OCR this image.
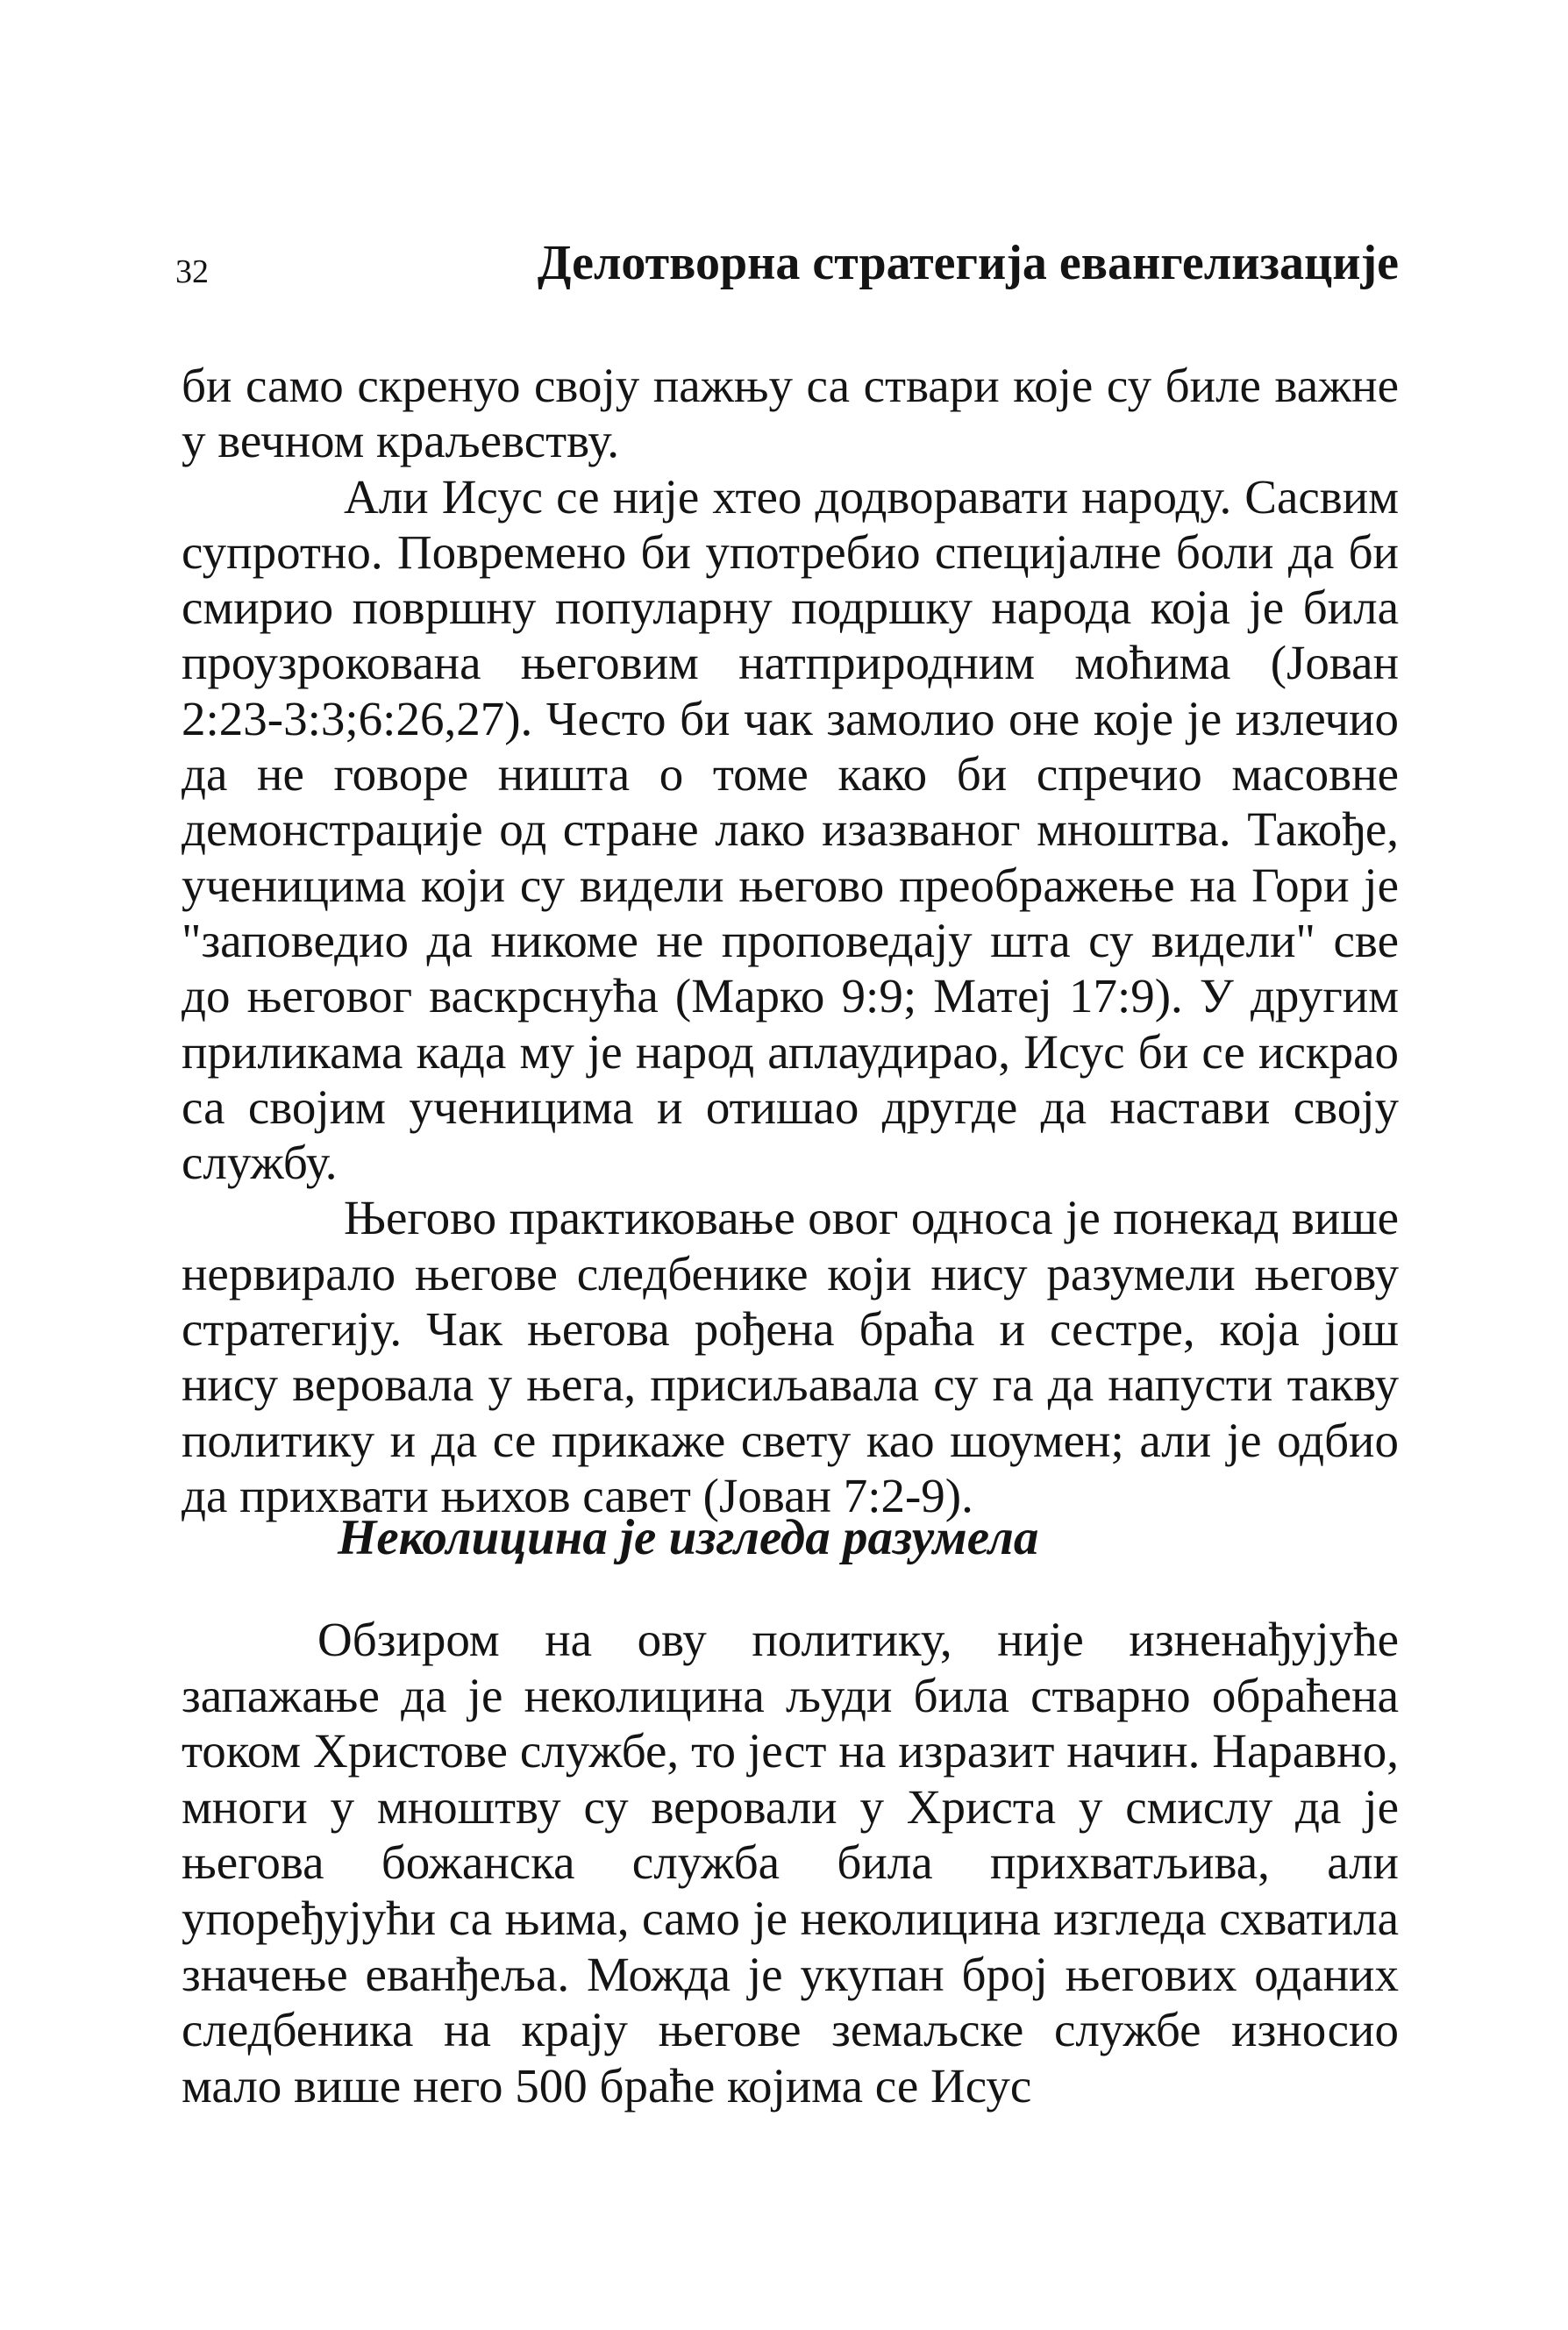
32	Делотворна стратегија евангелизације

би само скренуо своју пажњу са ствари које су биле важне у вечном краљевству.

Али Исус се није хтео додворавати народу. Сасвим супротно. Повремено би употребио специјалне боли да би смирио површну популарну подршку народа која је била проузрокована његовим натприродним моћима (Јован 2:23-3:3;6:26,27). Често би чак замолио оне које је излечио да не говоре ништа о томе како би спречио масовне демонстрације од стране лако изазваног мноштва. Такође, ученицима који су видели његово преображење на Гори је "заповедио да никоме не проповедају шта су видели" све до његовог васкрснућа (Марко 9:9; Матеј 17:9). У другим приликама када му је народ аплаудирао, Исус би се искрао са својим ученицима и отишао другде да настави своју службу.

Његово практиковање овог односа је понекад више нервирало његове следбенике који нису разумели његову стратегију. Чак његова рођена браћа и сестре, која још нису веровала у њега, присиљавала су га да напусти такву политику и да се прикаже свету као шоумен; али је одбио да прихвати њихов савет (Јован 7:2-9).

Неколицина је изгледа разумела

Обзиром на ову политику, није изненађујуће запажање да је неколицина људи била стварно обраћена током Христове службе, то јест на изразит начин. Наравно, многи у мноштву су веровали у Христа у смислу да је његова божанска служба била прихватљива, али упоређујући са њима, само је неколицина изгледа схватила значење еванђеља. Можда је укупан број његових оданих следбеника на крају његове земаљске службе износио мало више него 500 браће којима се Исус
